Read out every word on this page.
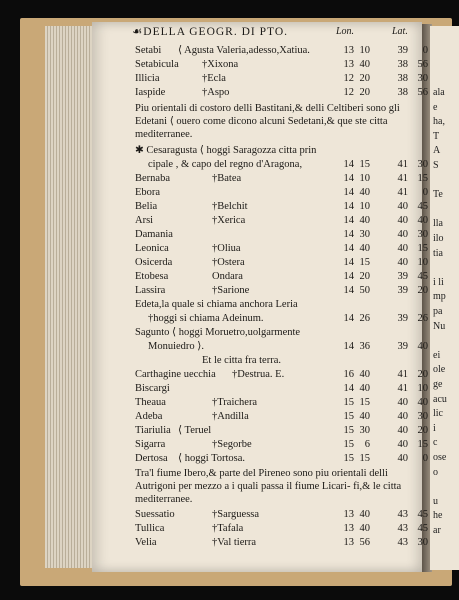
ala
e
ha,
T
A
S
Te
lla
ilo
tia
i li
mp
pa
Nu
ei
ole
ge
acu
lic
i
c
ose
o
u
he
ar
☙DELLA GEOGR. DI PTO.	Lon.	Lat.
Setabi ⟨ Agusta Valeria,adesso,Xatiua.	13 10	39	0
Setabicula †Xixona	13 40	38 56
Illicia	†Ecla	12 20	38 30
Iaspide	†Aspo	12 20	38 56
Piu orientali di costoro delli Bastitani,& delli Celtiberi sono gli Edetani ⟨ ouero come dicono alcuni Sedetani,& que ste citta mediterranee.
✱ Cesaragusta ⟨ hoggi Saragozza citta prin
cipale , & capo del regno d'Aragona,	14 15	41 30
Bernaba	†Batea	14 10	41 15
Ebora	14 40	41	0
Belia	†Belchit	14 10	40 45
Arsi	†Xerica	14 40	40 40
Damania	14 30	40 30
Leonica	†Oliua	14 40	40 15
Osicerda	†Ostera	14 15	40 10
Etobesa	Ondara	14 20	39 45
Lassira	†Sarione	14 50	39 20
Edeta,la quale si chiama anchora Leria
†hoggi si chiama Adeinum.	14 26	39 26
Sagunto ⟨ hoggi Moruetro,uolgarmente
Monuiedro ⟩.	14 36	39 40
Et le citta fra terra.
Carthagine uecchia †Destrua. E.	16 40	41 20
Biscargi	14 40	41 10
Theaua	†Traichera	15 15	40 40
Adeba	†Andilla	15 40	40 30
Tiariulia ⟨ Teruel	15 30	40 20
Sigarra	†Segorbe	15	6	40 15
Dertosa ⟨ hoggi Tortosa.	15 15	40	0
Tra'l fiume Ibero,& parte del Pireneo sono piu orientali delli Autrigoni per mezzo a i quali passa il fiume Licari- fi,& le citta mediterranee.
Suessatio	†Sarguessa	13 40	43 45
Tullica	†Tafala	13 40	43 45
Velia	†Val tierra	13 56	43 30
